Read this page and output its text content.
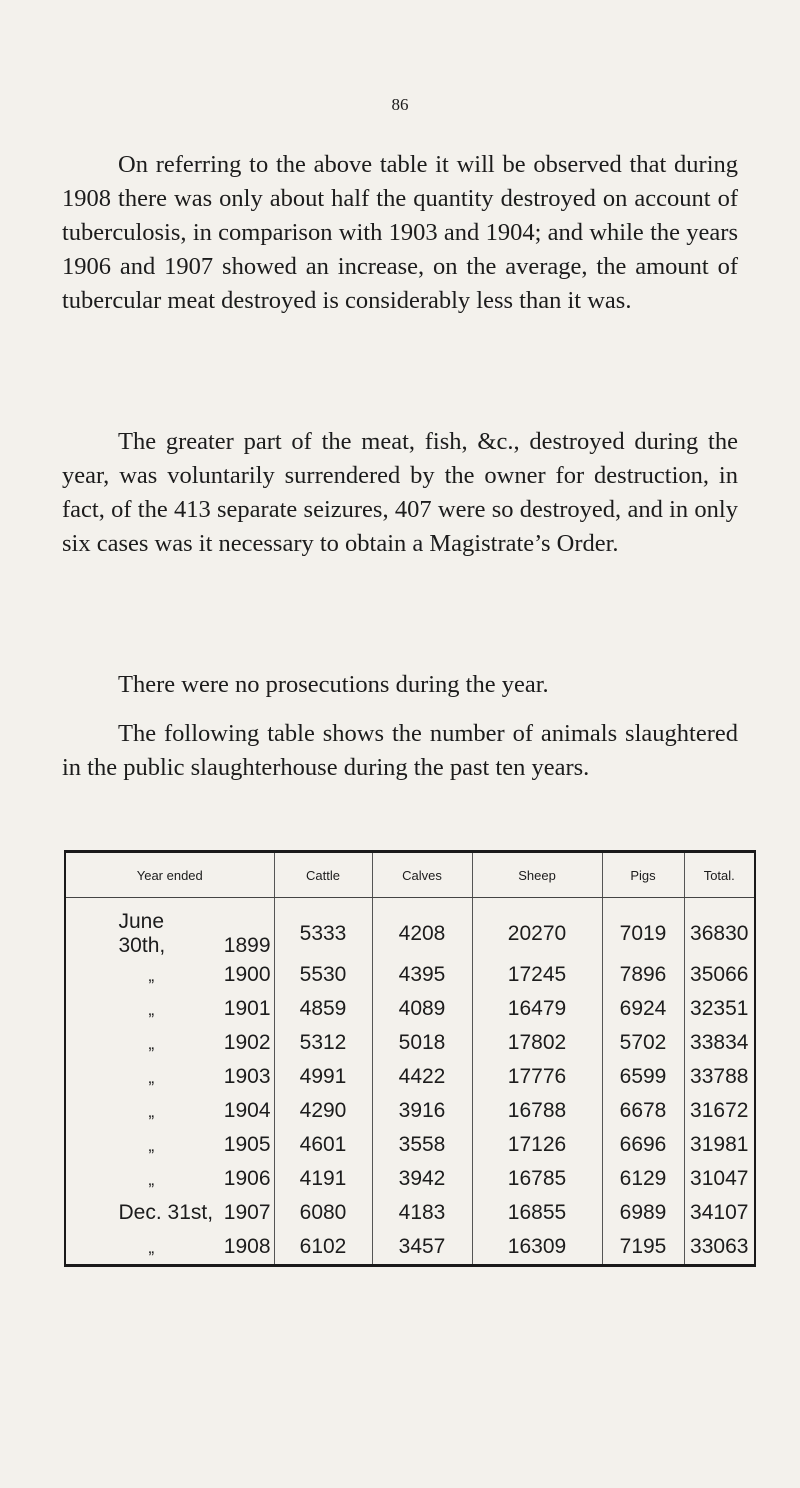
86

On referring to the above table it will be observed that during 1908 there was only about half the quantity destroyed on account of tuberculosis, in comparison with 1903 and 1904; and while the years 1906 and 1907 showed an increase, on the average, the amount of tubercular meat destroyed is considerably less than it was.

The greater part of the meat, fish, &c., destroyed during the year, was voluntarily surrendered by the owner for destruction, in fact, of the 413 separate seizures, 407 were so destroyed, and in only six cases was it necessary to obtain a Magistrate’s Order.

There were no prosecutions during the year.

The following table shows the number of animals slaughtered in the public slaughterhouse during the past ten years.

Year ended	Cattle	Calves	Sheep	Pigs	Total.
June 30th, 1899	5333	4208	20270	7019	36830
„ 1900	5530	4395	17245	7896	35066
„ 1901	4859	4089	16479	6924	32351
„ 1902	5312	5018	17802	5702	33834
„ 1903	4991	4422	17776	6599	33788
„ 1904	4290	3916	16788	6678	31672
„ 1905	4601	3558	17126	6696	31981
„ 1906	4191	3942	16785	6129	31047
Dec. 31st, 1907	6080	4183	16855	6989	34107
„ 1908	6102	3457	16309	7195	33063
